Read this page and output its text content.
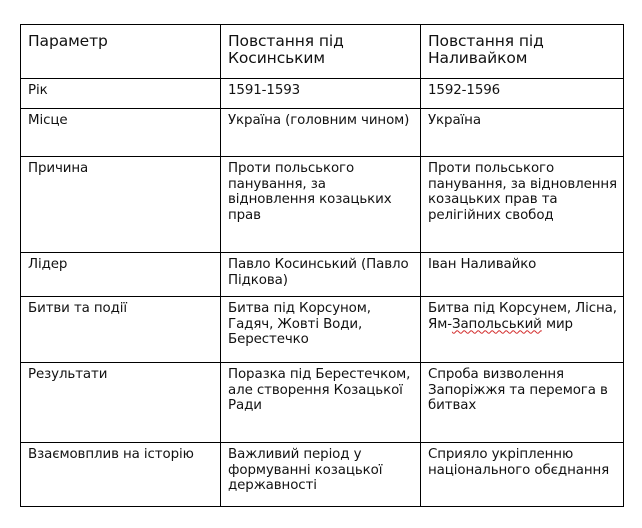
Параметр	Повстання під Косинським	Повстання під Наливайком
Рік	1591-1593	1592-1596
Місце	Україна (головним чином)	Україна
Причина	Проти польського панування, за відновлення козацьких прав	Проти польського панування, за відновлення козацьких прав та релігійних свобод
Лідер	Павло Косинський (Павло Підкова)	Іван Наливайко
Битви та події	Битва під Корсуном, Гадяч, Жовті Води, Берестечко	Битва під Корсунем, Лісна, Ям-Запольський мир
Результати	Поразка під Берестечком, але створення Козацької Ради	Спроба визволення Запоріжжя та перемога в битвах
Взаємовплив на історію	Важливий період у формуванні козацької державності	Сприяло укріпленню національного обєднання
